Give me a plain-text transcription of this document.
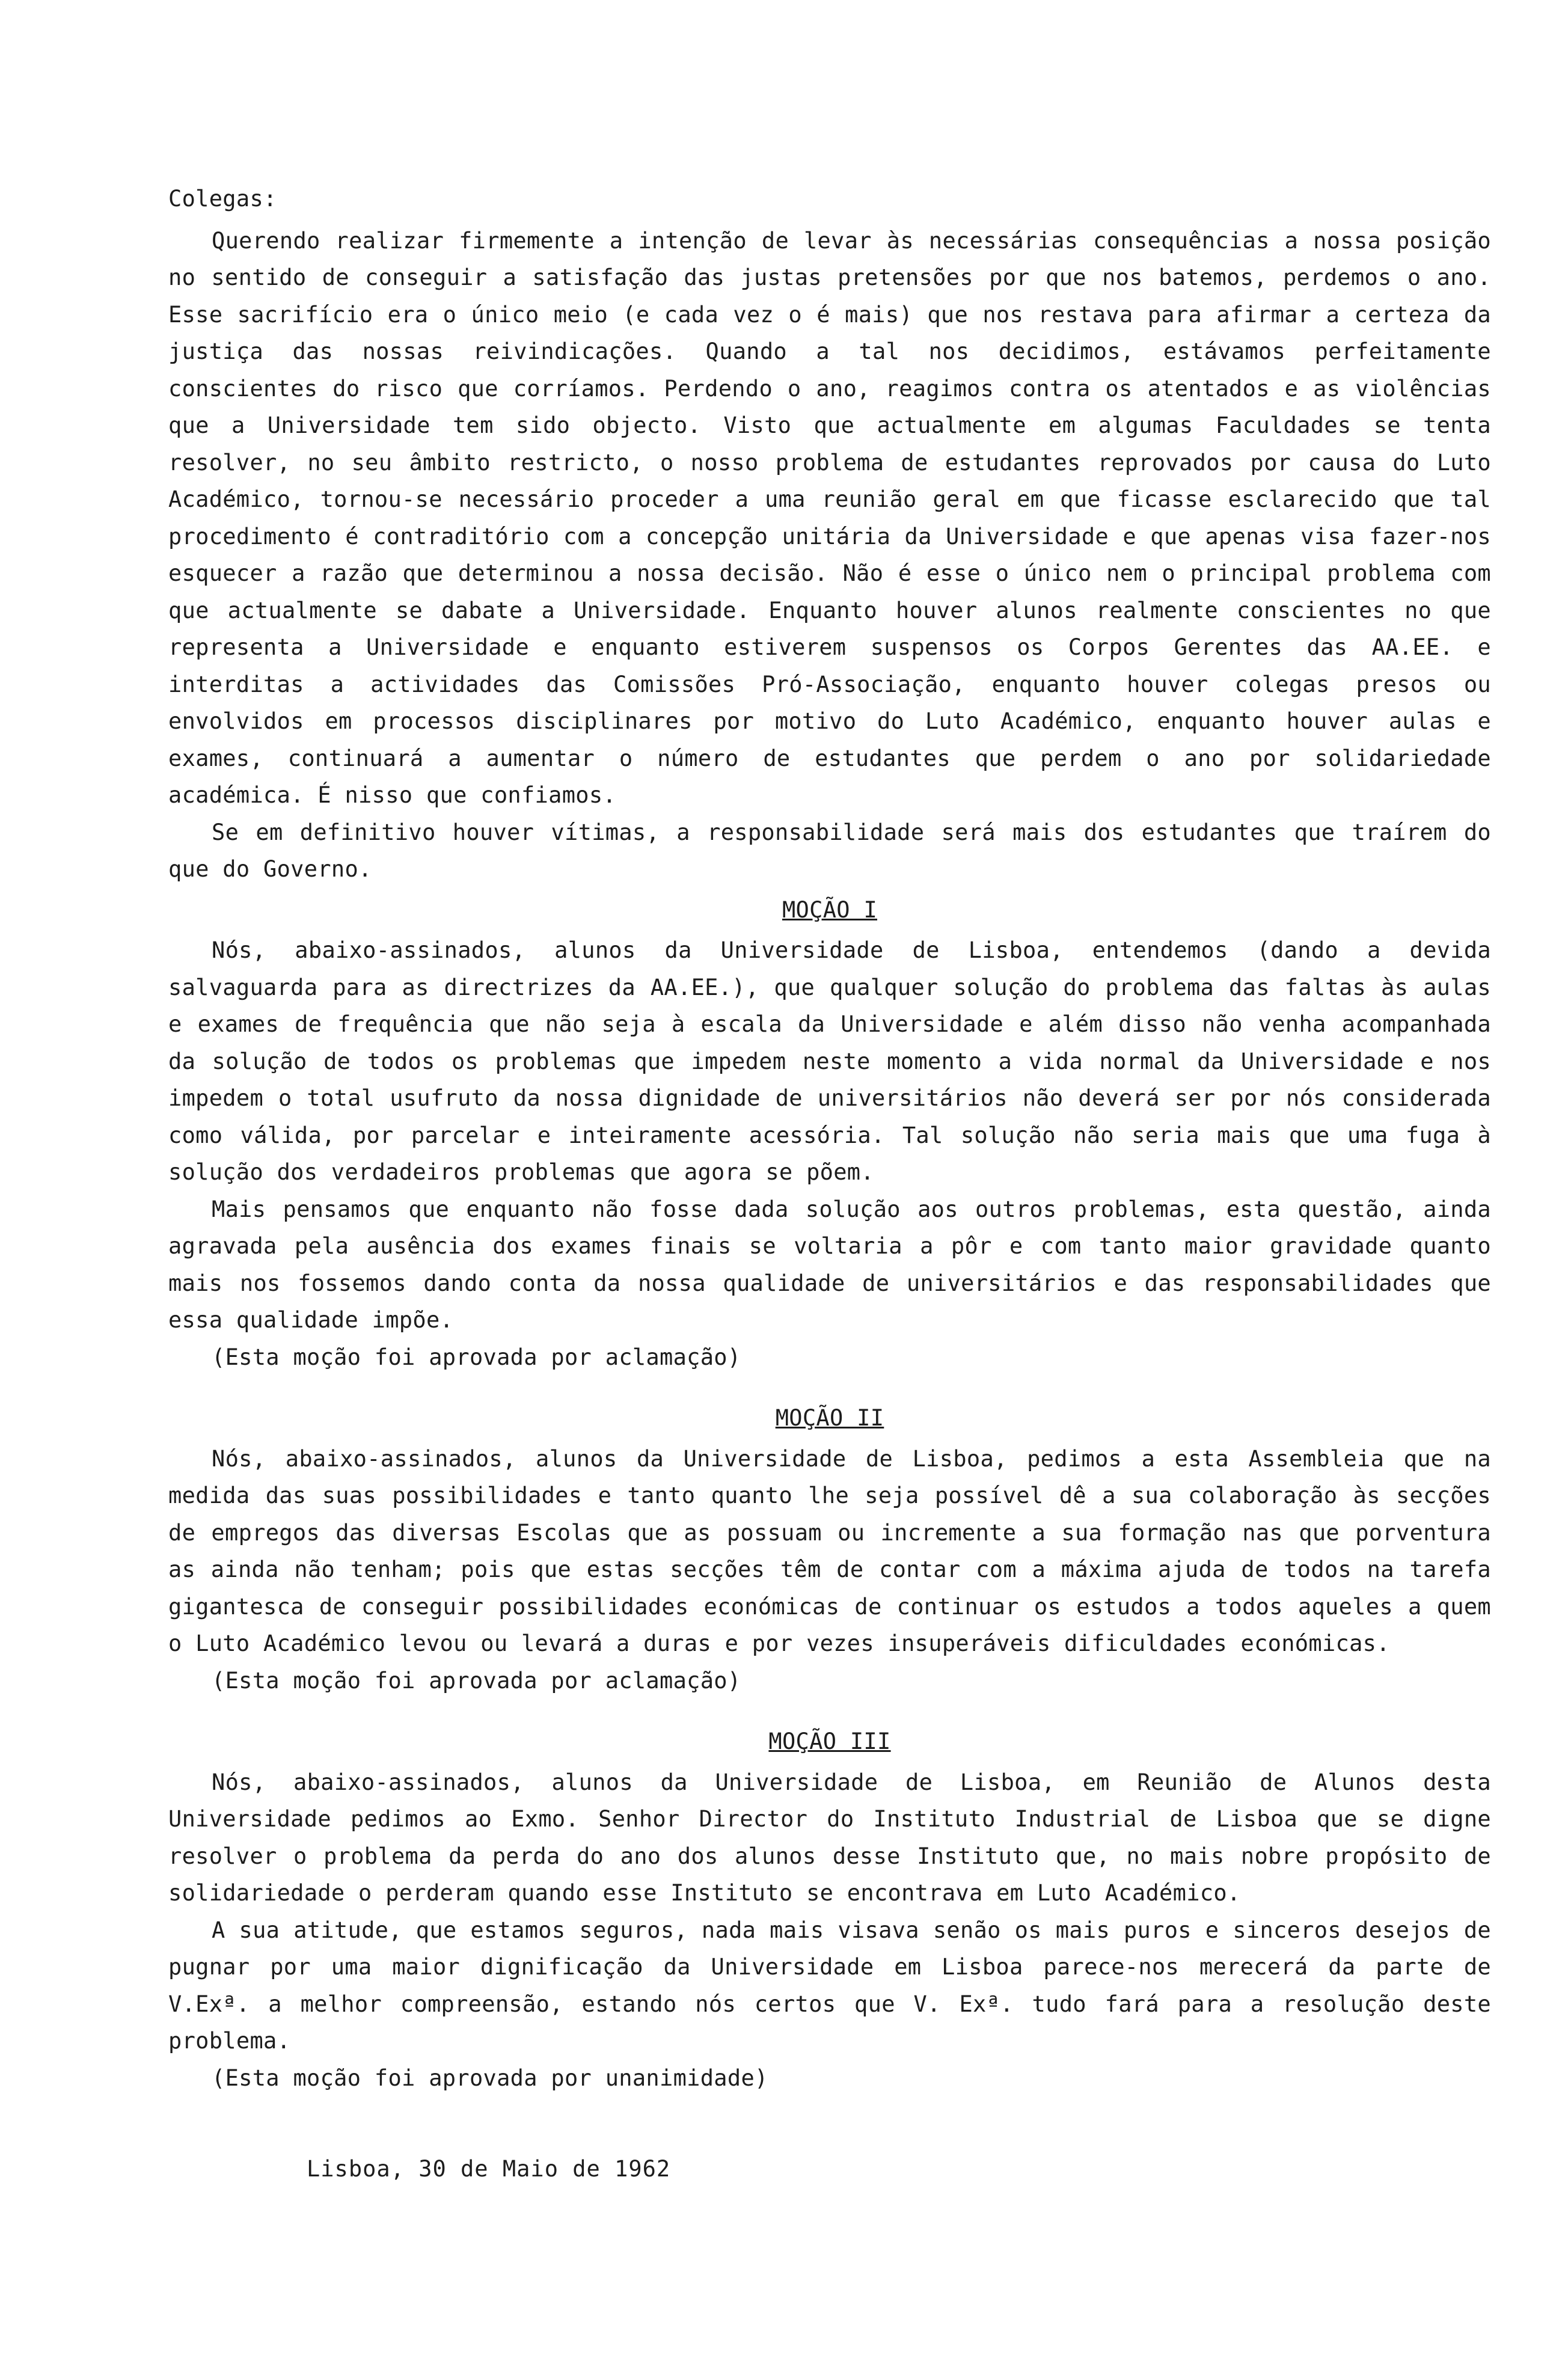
Colegas:

Querendo realizar firmemente a intenção de levar às necessárias consequências a nossa posição no sentido de conseguir a satisfação das justas pretensões por que nos batemos, perdemos o ano. Esse sacrifício era o único meio (e cada vez o é mais) que nos restava para afirmar a certeza da justiça das nossas reivindicações. Quando a tal nos decidimos, estávamos perfeitamente conscientes do risco que corríamos. Perdendo o ano, reagimos contra os atentados e as violências que a Universidade tem sido objecto. Visto que actualmente em algumas Faculdades se tenta resolver, no seu âmbito restricto, o nosso problema de estudantes reprovados por causa do Luto Académico, tornou-se necessário proceder a uma reunião geral em que ficasse esclarecido que tal procedimento é contraditório com a concepção unitária da Universidade e que apenas visa fazer-nos esquecer a razão que determinou a nossa decisão. Não é esse o único nem o principal problema com que actualmente se dabate a Universidade. Enquanto houver alunos realmente conscientes no que representa a Universidade e enquanto estiverem suspensos os Corpos Gerentes das AA.EE. e interditas a actividades das Comissões Pró-Associação, enquanto houver colegas presos ou envolvidos em processos disciplinares por motivo do Luto Académico, enquanto houver aulas e exames, continuará a aumentar o número de estudantes que perdem o ano por solidariedade académica. É nisso que confiamos.

Se em definitivo houver vítimas, a responsabilidade será mais dos estudantes que traírem do que do Governo.

MOÇÃO I

Nós, abaixo-assinados, alunos da Universidade de Lisboa, entendemos (dando a devida salvaguarda para as directrizes da AA.EE.), que qualquer solução do problema das faltas às aulas e exames de frequência que não seja à escala da Universidade e além disso não venha acompanhada da solução de todos os problemas que impedem neste momento a vida normal da Universidade e nos impedem o total usufruto da nossa dignidade de universitários não deverá ser por nós considerada como válida, por parcelar e inteiramente acessória. Tal solução não seria mais que uma fuga à solução dos verdadeiros problemas que agora se põem.

Mais pensamos que enquanto não fosse dada solução aos outros problemas, esta questão, ainda agravada pela ausência dos exames finais se voltaria a pôr e com tanto maior gravidade quanto mais nos fossemos dando conta da nossa qualidade de universitários e das responsabilidades que essa qualidade impõe.

(Esta moção foi aprovada por aclamação)

MOÇÃO II

Nós, abaixo-assinados, alunos da Universidade de Lisboa, pedimos a esta Assembleia que na medida das suas possibilidades e tanto quanto lhe seja possível dê a sua colaboração às secções de empregos das diversas Escolas que as possuam ou incremente a sua formação nas que porventura as ainda não tenham; pois que estas secções têm de contar com a máxima ajuda de todos na tarefa gigantesca de conseguir possibilidades económicas de continuar os estudos a todos aqueles a quem o Luto Académico levou ou levará a duras e por vezes insuperáveis dificuldades económicas.

(Esta moção foi aprovada por aclamação)

MOÇÃO III

Nós, abaixo-assinados, alunos da Universidade de Lisboa, em Reunião de Alunos desta Universidade pedimos ao Exmo. Senhor Director do Instituto Industrial de Lisboa que se digne resolver o problema da perda do ano dos alunos desse Instituto que, no mais nobre propósito de solidariedade o perderam quando esse Instituto se encontrava em Luto Académico.

A sua atitude, que estamos seguros, nada mais visava senão os mais puros e sinceros desejos de pugnar por uma maior dignificação da Universidade em Lisboa parece-nos merecerá da parte de V.Exª. a melhor compreensão, estando nós certos que V. Exª. tudo fará para a resolução deste problema.

(Esta moção foi aprovada por unanimidade)

Lisboa, 30 de Maio de 1962
